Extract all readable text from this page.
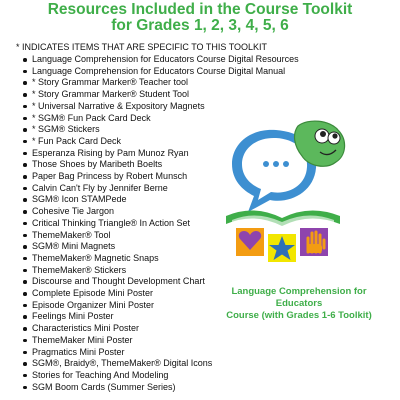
Resources Included in the Course Toolkit
for Grades 1, 2, 3, 4, 5, 6
* INDICATES ITEMS THAT ARE SPECIFIC TO THIS TOOLKIT
Language Comprehension for Educators Course Digital Resources
Language Comprehension for Educators Course Digital Manual
* Story Grammar Marker® Teacher tool
* Story Grammar Marker® Student Tool
* Universal Narrative & Expository Magnets
* SGM® Fun Pack Card Deck
* SGM® Stickers
* Fun Pack Card Deck
Esperanza Rising by Pam Munoz Ryan
Those Shoes by Maribeth Boelts
Paper Bag Princess by Robert Munsch
Calvin Can't Fly by Jennifer Berne
SGM® Icon STAMPede
Cohesive Tie Jargon
Critical Thinking Triangle® In Action Set
ThemeMaker® Tool
SGM® Mini Magnets
ThemeMaker® Magnetic Snaps
ThemeMaker® Stickers
Discourse and Thought Development Chart
Complete Episode Mini Poster
Episode Organizer Mini Poster
Feelings Mini Poster
Characteristics Mini Poster
ThemeMaker Mini Poster
Pragmatics Mini Poster
SGM®, Braidy®, ThemeMaker® Digital Icons
Stories for Teaching And Modeling
SGM Boom Cards (Summer Series)
Language Comprehension for Educators
Course (with Grades 1-6 Toolkit)
